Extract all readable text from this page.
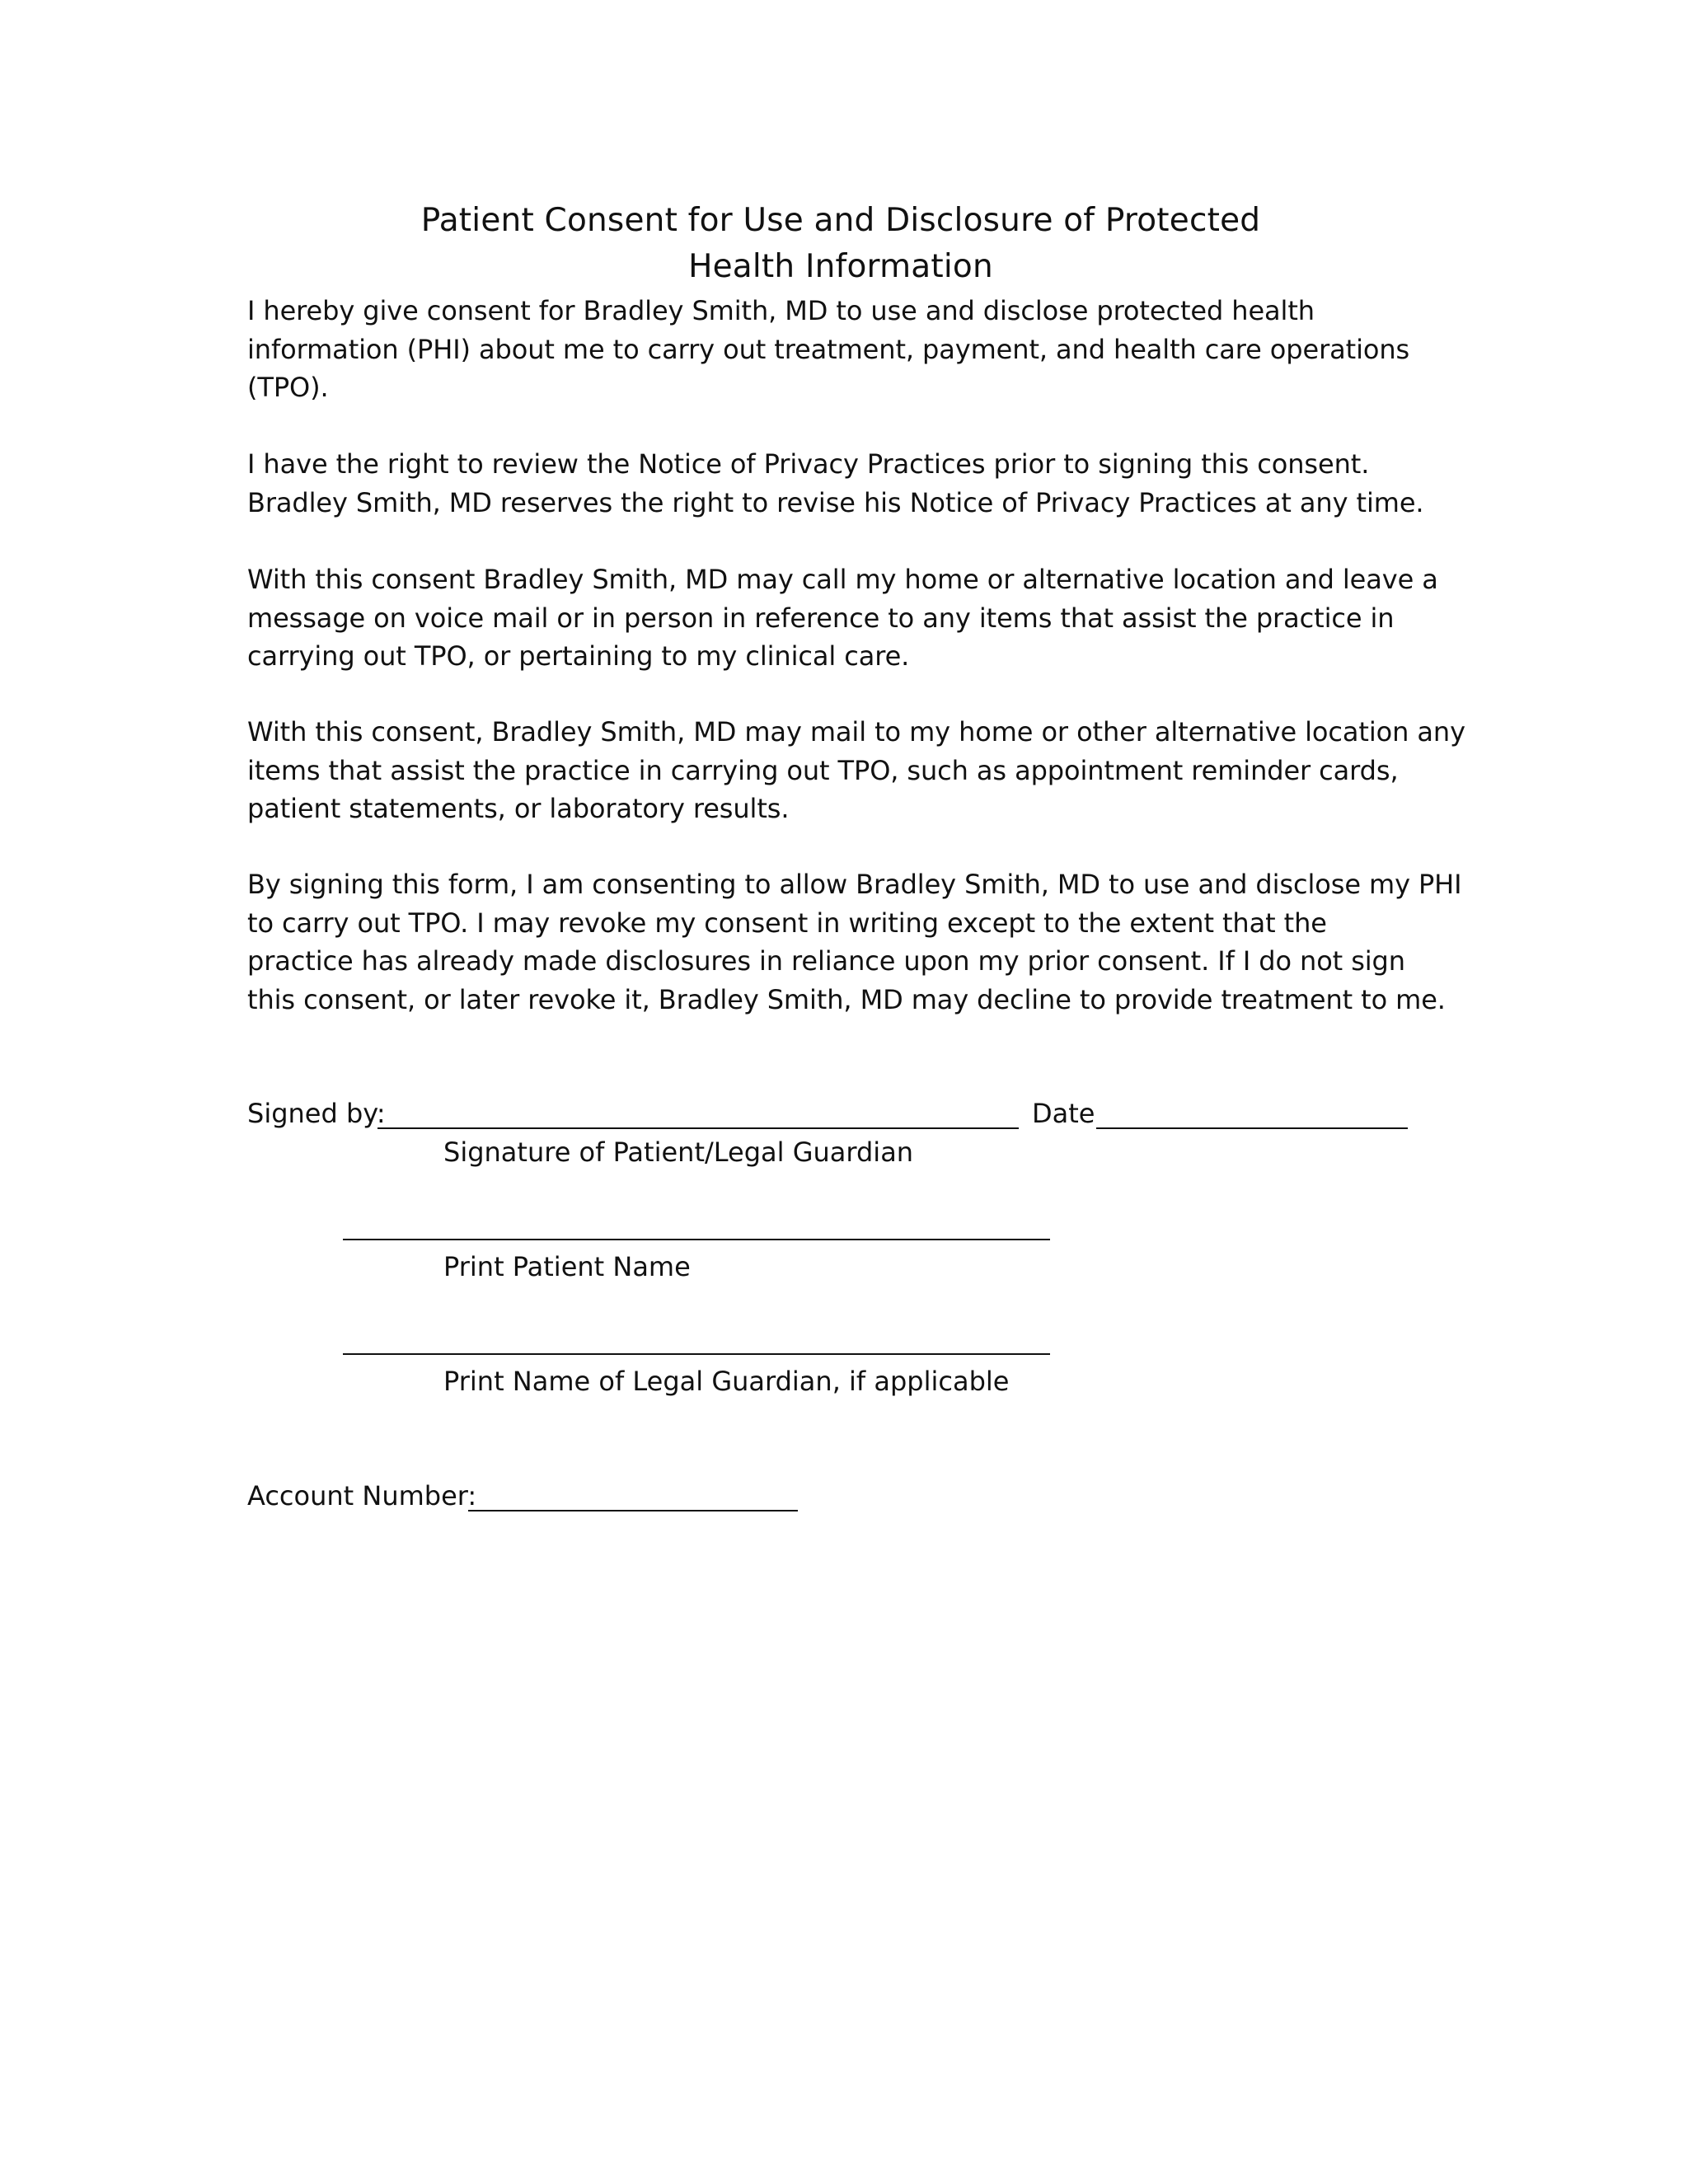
Patient Consent for Use and Disclosure of Protected
Health Information
I hereby give consent for Bradley Smith, MD to use and disclose protected health
information (PHI) about me to carry out treatment, payment, and health care operations
(TPO).
I have the right to review the Notice of Privacy Practices prior to signing this consent.
Bradley Smith, MD reserves the right to revise his Notice of Privacy Practices at any time.
With this consent Bradley Smith, MD may call my home or alternative location and leave a
message on voice mail or in person in reference to any items that assist the practice in
carrying out TPO, or pertaining to my clinical care.
With this consent, Bradley Smith, MD may mail to my home or other alternative location any
items that assist the practice in carrying out TPO, such as appointment reminder cards,
patient statements, or laboratory results.
By signing this form, I am consenting to allow Bradley Smith, MD to use and disclose my PHI
to carry out TPO. I may revoke my consent in writing except to the extent that the
practice has already made disclosures in reliance upon my prior consent. If I do not sign
this consent, or later revoke it, Bradley Smith, MD may decline to provide treatment to me.
Signed by:	Date
Signature of Patient/Legal Guardian
Print Patient Name
Print Name of Legal Guardian, if applicable
Account Number:
